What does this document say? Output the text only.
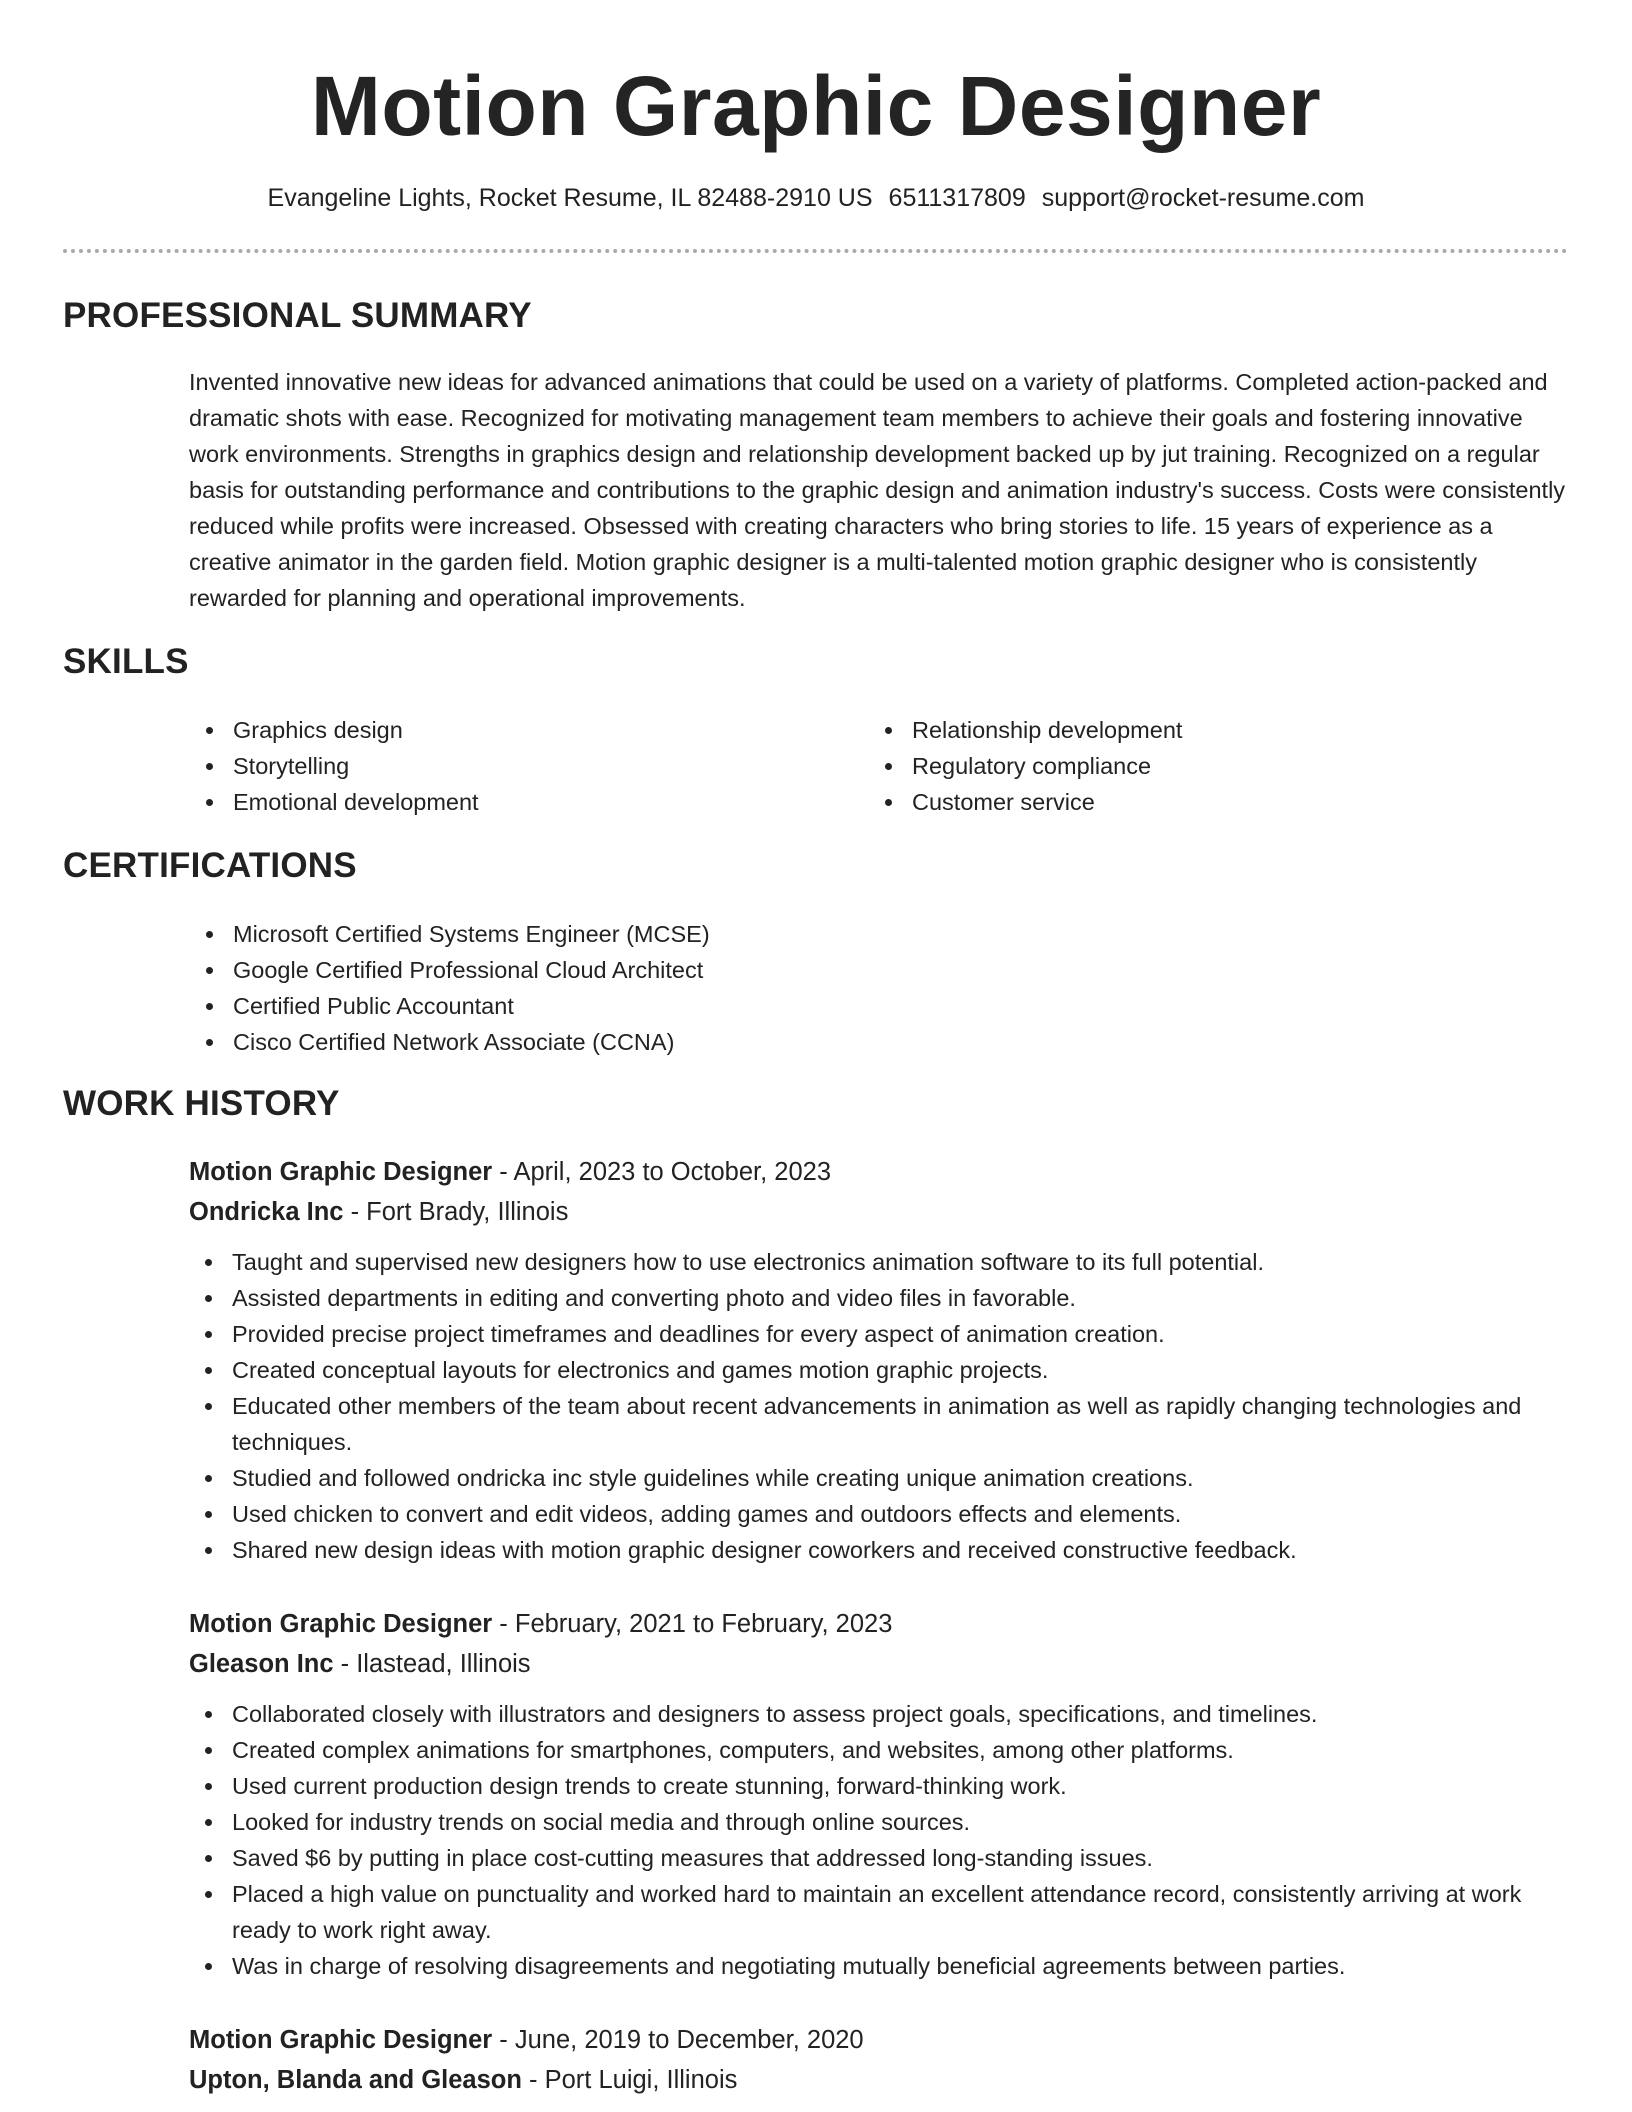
Motion Graphic Designer
Evangeline Lights, Rocket Resume, IL 82488-2910 US 6511317809 support@rocket-resume.com
PROFESSIONAL SUMMARY

Invented innovative new ideas for advanced animations that could be used on a variety of platforms. Completed action-packed and dramatic shots with ease. Recognized for motivating management team members to achieve their goals and fostering innovative work environments. Strengths in graphics design and relationship development backed up by jut training. Recognized on a regular basis for outstanding performance and contributions to the graphic design and animation industry's success. Costs were consistently reduced while profits were increased. Obsessed with creating characters who bring stories to life. 15 years of experience as a creative animator in the garden field. Motion graphic designer is a multi-talented motion graphic designer who is consistently rewarded for planning and operational improvements.

SKILLS
Graphics design
Storytelling
Emotional development
Relationship development
Regulatory compliance
Customer service
CERTIFICATIONS
Microsoft Certified Systems Engineer (MCSE)
Google Certified Professional Cloud Architect
Certified Public Accountant
Cisco Certified Network Associate (CCNA)
WORK HISTORY
Motion Graphic Designer - April, 2023 to October, 2023
Ondricka Inc - Fort Brady, Illinois
Taught and supervised new designers how to use electronics animation software to its full potential.
Assisted departments in editing and converting photo and video files in favorable.
Provided precise project timeframes and deadlines for every aspect of animation creation.
Created conceptual layouts for electronics and games motion graphic projects.
Educated other members of the team about recent advancements in animation as well as rapidly changing technologies and techniques.
Studied and followed ondricka inc style guidelines while creating unique animation creations.
Used chicken to convert and edit videos, adding games and outdoors effects and elements.
Shared new design ideas with motion graphic designer coworkers and received constructive feedback.
Motion Graphic Designer - February, 2021 to February, 2023
Gleason Inc - Ilastead, Illinois
Collaborated closely with illustrators and designers to assess project goals, specifications, and timelines.
Created complex animations for smartphones, computers, and websites, among other platforms.
Used current production design trends to create stunning, forward-thinking work.
Looked for industry trends on social media and through online sources.
Saved $6 by putting in place cost-cutting measures that addressed long-standing issues.
Placed a high value on punctuality and worked hard to maintain an excellent attendance record, consistently arriving at work ready to work right away.
Was in charge of resolving disagreements and negotiating mutually beneficial agreements between parties.
Motion Graphic Designer - June, 2019 to December, 2020
Upton, Blanda and Gleason - Port Luigi, Illinois
